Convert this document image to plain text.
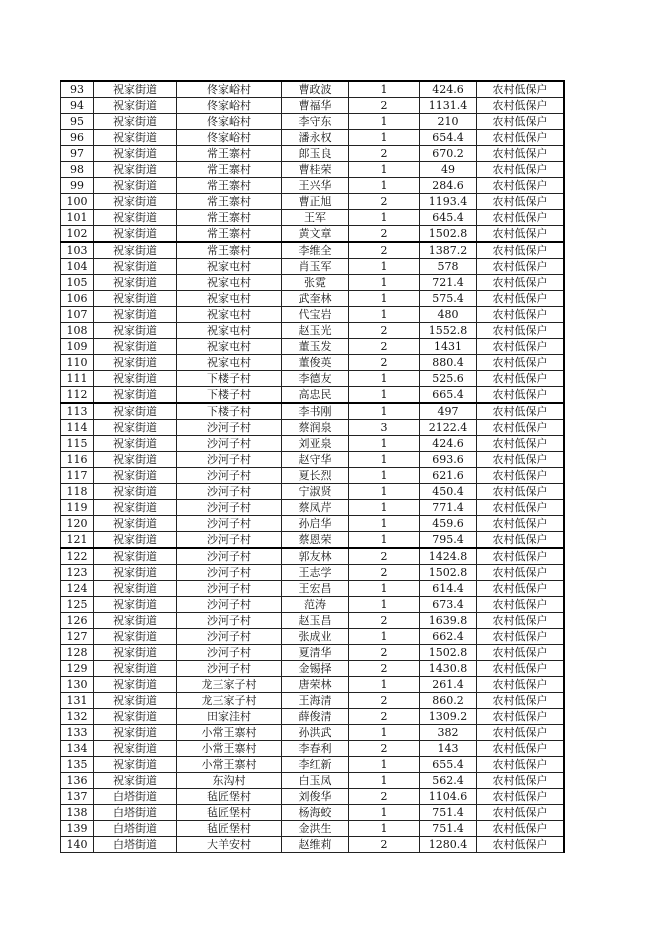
93	祝家街道	佟家峪村	曹政波	1	424.6	农村低保户
94	祝家街道	佟家峪村	曹福华	2	1131.4	农村低保户
95	祝家街道	佟家峪村	李守东	1	210	农村低保户
96	祝家街道	佟家峪村	潘永权	1	654.4	农村低保户
97	祝家街道	常王寨村	郎玉良	2	670.2	农村低保户
98	祝家街道	常王寨村	曹桂荣	1	49	农村低保户
99	祝家街道	常王寨村	王兴华	1	284.6	农村低保户
100	祝家街道	常王寨村	曹正旭	2	1193.4	农村低保户
101	祝家街道	常王寨村	王军	1	645.4	农村低保户
102	祝家街道	常王寨村	黄文章	2	1502.8	农村低保户
103	祝家街道	常王寨村	李维全	2	1387.2	农村低保户
104	祝家街道	祝家屯村	肖玉军	1	578	农村低保户
105	祝家街道	祝家屯村	张霓	1	721.4	农村低保户
106	祝家街道	祝家屯村	武奎林	1	575.4	农村低保户
107	祝家街道	祝家屯村	代宝岩	1	480	农村低保户
108	祝家街道	祝家屯村	赵玉光	2	1552.8	农村低保户
109	祝家街道	祝家屯村	董玉发	2	1431	农村低保户
110	祝家街道	祝家屯村	董俊英	2	880.4	农村低保户
111	祝家街道	下楼子村	李德友	1	525.6	农村低保户
112	祝家街道	下楼子村	高忠民	1	665.4	农村低保户
113	祝家街道	下楼子村	李书刚	1	497	农村低保户
114	祝家街道	沙河子村	蔡润泉	3	2122.4	农村低保户
115	祝家街道	沙河子村	刘亚泉	1	424.6	农村低保户
116	祝家街道	沙河子村	赵守华	1	693.6	农村低保户
117	祝家街道	沙河子村	夏长烈	1	621.6	农村低保户
118	祝家街道	沙河子村	宁淑贤	1	450.4	农村低保户
119	祝家街道	沙河子村	蔡凤芹	1	771.4	农村低保户
120	祝家街道	沙河子村	孙启华	1	459.6	农村低保户
121	祝家街道	沙河子村	蔡恩荣	1	795.4	农村低保户
122	祝家街道	沙河子村	郭友林	2	1424.8	农村低保户
123	祝家街道	沙河子村	王志学	2	1502.8	农村低保户
124	祝家街道	沙河子村	王宏昌	1	614.4	农村低保户
125	祝家街道	沙河子村	范涛	1	673.4	农村低保户
126	祝家街道	沙河子村	赵玉昌	2	1639.8	农村低保户
127	祝家街道	沙河子村	张成业	1	662.4	农村低保户
128	祝家街道	沙河子村	夏清华	2	1502.8	农村低保户
129	祝家街道	沙河子村	金锡择	2	1430.8	农村低保户
130	祝家街道	龙三家子村	唐荣林	1	261.4	农村低保户
131	祝家街道	龙三家子村	王海清	2	860.2	农村低保户
132	祝家街道	田家洼村	薛俊清	2	1309.2	农村低保户
133	祝家街道	小常王寨村	孙洪武	1	382	农村低保户
134	祝家街道	小常王寨村	李春利	2	143	农村低保户
135	祝家街道	小常王寨村	李红新	1	655.4	农村低保户
136	祝家街道	东沟村	白玉凤	1	562.4	农村低保户
137	白塔街道	毡匠堡村	刘俊华	2	1104.6	农村低保户
138	白塔街道	毡匠堡村	杨海蛟	1	751.4	农村低保户
139	白塔街道	毡匠堡村	金洪生	1	751.4	农村低保户
140	白塔街道	大羊安村	赵维莉	2	1280.4	农村低保户
